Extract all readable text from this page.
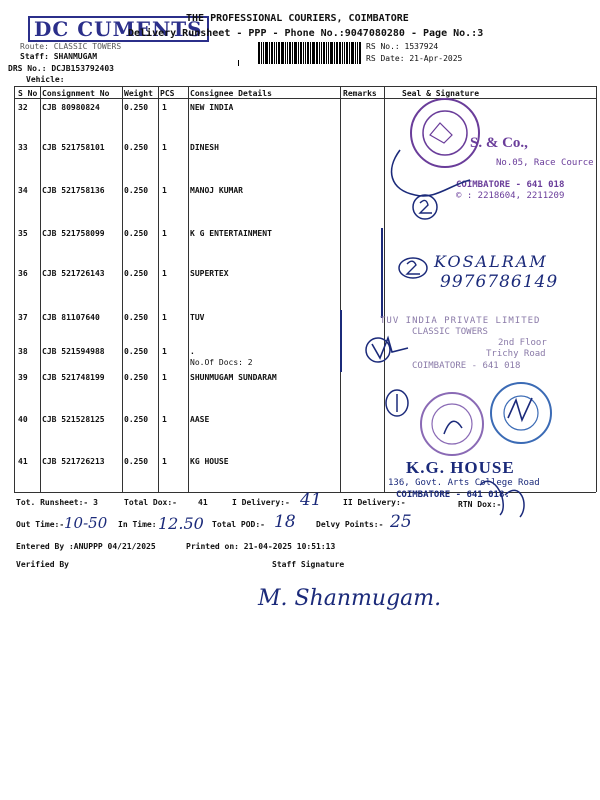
DC CUMENTS
THE PROFESSIONAL COURIERS, COIMBATORE
Delivery Runsheet - PPP - Phone No.:9047080280 - Page No.:3
Route: CLASSIC TOWERS
Staff: SHANMUGAM
DRS No.: DCJB153792403
Vehicle:
RS No.: 1537924
RS Date: 21-Apr-2025
S No Consignment No Weight PCS Consignee Details	Remarks	Seal & Signature
32 CJB 80980824	0.250 1	NEW INDIA
33 CJB 521758101 0.250 1	DINESH
34 CJB 521758136 0.250 1	MANOJ KUMAR
35 CJB 521758099 0.250 1	K G ENTERTAINMENT
36 CJB 521726143 0.250 1	SUPERTEX
37 CJB 81107640	0.250 1	TUV
38 CJB 521594988 0.250 1	.
No.Of Docs: 2
39 CJB 521748199 0.250 1	SHUNMUGAM SUNDARAM
40 CJB 521528125 0.250 1	AASE
41 CJB 521726213 0.250 1	KG HOUSE
S. & Co.,
No.05, Race Cource
COIMBATORE - 641 018
© : 2218604, 2211209
KOSALRAM
9976786149
TUV INDIA PRIVATE LIMITED
CLASSIC TOWERS
2nd Floor
Trichy Road
COIMBATORE - 641 018
K.G. HOUSE
136, Govt. Arts College Road
COIMBATORE - 641 018.
Tot. Runsheet:- 3	Total Dox:-	41	I Delivery:- 41	II Delivery:-	RTN Dox:-
Out Time:- 10-50 In Time: 12.50 Total POD:- 18	Delvy Points:- 25
Entered By :ANUPPP 04/21/2025	Printed on: 21-04-2025 10:51:13
Verified By	Staff Signature
M. Shanmugam.
